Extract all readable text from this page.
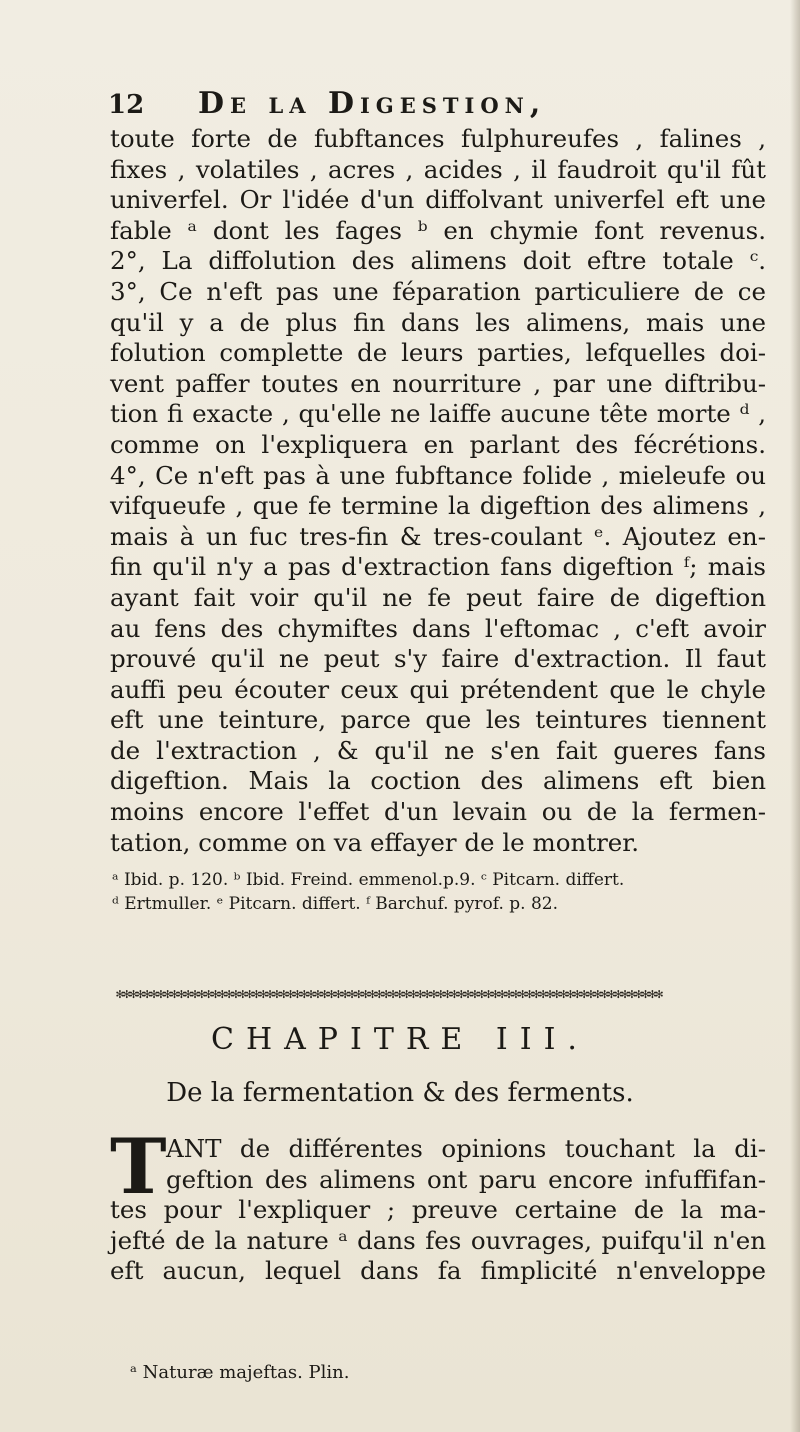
12	De la Digestion,
toute forte de fubftances fulphureufes , falines ,
fixes , volatiles , acres , acides , il faudroit qu'il fût
univerfel. Or l'idée d'un diffolvant univerfel eft une
fable ᵃ dont les fages ᵇ en chymie font revenus.
2°, La diffolution des alimens doit eftre totale ᶜ.
3°, Ce n'eft pas une féparation particuliere de ce
qu'il y a de plus fin dans les alimens, mais une
folution complette de leurs parties, lefquelles doi-
vent paffer toutes en nourriture , par une diftribu-
tion fi exacte , qu'elle ne laiffe aucune tête morte ᵈ ,
comme on l'expliquera en parlant des fécrétions.
4°, Ce n'eft pas à une fubftance folide , mieleufe ou
vifqueufe , que fe termine la digeftion des alimens ,
mais à un fuc tres-fin & tres-coulant ᵉ. Ajoutez en-
fin qu'il n'y a pas d'extraction fans digeftion ᶠ; mais
ayant fait voir qu'il ne fe peut faire de digeftion
au fens des chymiftes dans l'eftomac , c'eft avoir
prouvé qu'il ne peut s'y faire d'extraction. Il faut
auffi peu écouter ceux qui prétendent que le chyle
eft une teinture, parce que les teintures tiennent
de l'extraction , & qu'il ne s'en fait gueres fans
digeftion. Mais la coction des alimens eft bien
moins encore l'effet d'un levain ou de la fermen-
tation, comme on va effayer de le montrer.
ᵃ Ibid. p. 120. ᵇ Ibid. Freind. emmenol.p.9. ᶜ Pitcarn. differt.
ᵈ Ertmuller. ᵉ Pitcarn. differt. ᶠ Barchuf. pyrof. p. 82.
✻✻✻✻✻✻✻✻✻✻✻✻✻✻✻✻✻✻✻✻✻✻✻✻✻✻✻✻✻✻✻✻✻✻✻✻✻✻✻✻✻✻✻✻✻✻✻✻✻✻✻✻✻✻✻✻✻✻✻✻✻✻✻✻✻✻✻✻✻✻✻✻✻✻✻✻✻✻✻✻
CHAPITRE III.
De la fermentation & des ferments.
T ANT de différentes opinions touchant la di-
geftion des alimens ont paru encore infuffifan-
tes pour l'expliquer ; preuve certaine de la ma-
jefté de la nature ᵃ dans fes ouvrages, puifqu'il n'en
eft aucun, lequel dans fa fimplicité n'enveloppe
ᵃ Naturæ majeftas. Plin.
